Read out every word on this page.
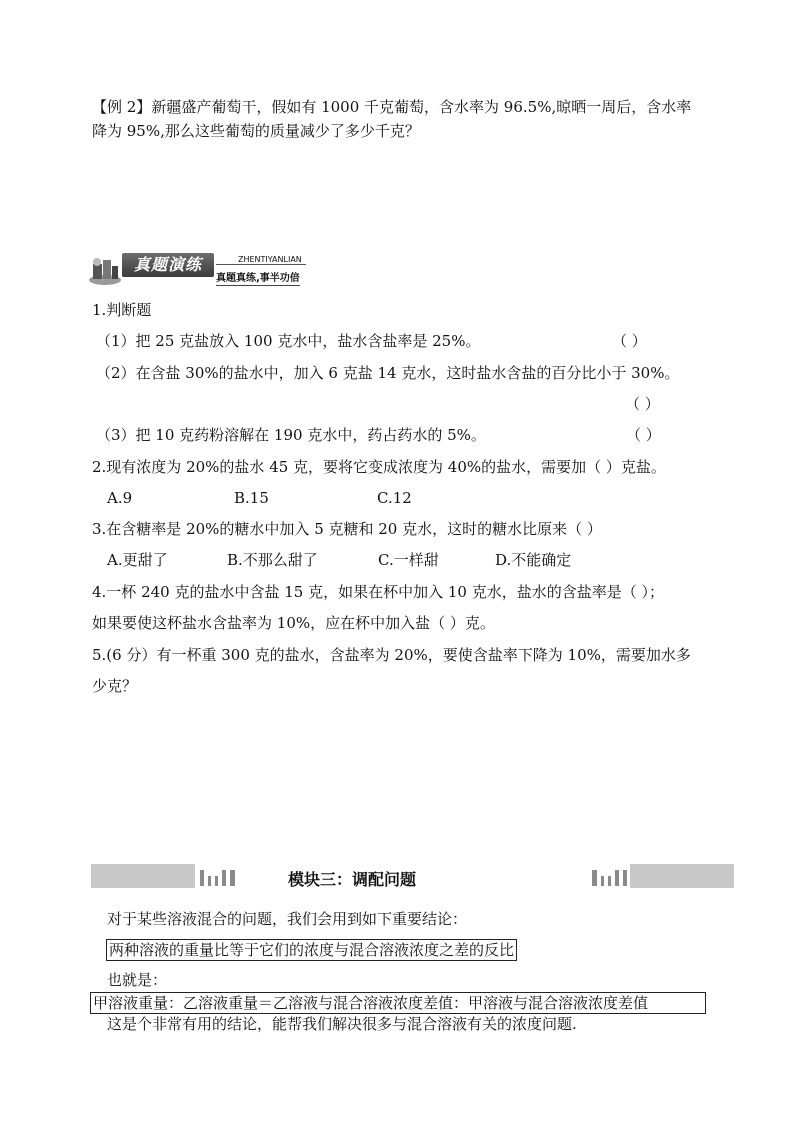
【例 2】新疆盛产葡萄干，假如有 1000 千克葡萄，含水率为 96.5%,晾晒一周后，含水率
降为 95%,那么这些葡萄的质量减少了多少千克？
真题演练	ZHENTIYANLIAN
真题真练,事半功倍
1.判断题
（1）把 25 克盐放入 100 克水中，盐水含盐率是 25%。	（ ）
（2）在含盐 30%的盐水中，加入 6 克盐 14 克水，这时盐水含盐的百分比小于 30%。
（ ）
（3）把 10 克药粉溶解在 190 克水中，药占药水的 5%。	（ ）
2.现有浓度为 20%的盐水 45 克，要将它变成浓度为 40%的盐水，需要加（ ）克盐。
A.9	B.15	C.12
3.在含糖率是 20%的糖水中加入 5 克糖和 20 克水，这时的糖水比原来（ ）
A.更甜了	B.不那么甜了	C.一样甜	D.不能确定
4.一杯 240 克的盐水中含盐 15 克，如果在杯中加入 10 克水，盐水的含盐率是（ ）；
如果要使这杯盐水含盐率为 10%，应在杯中加入盐（ ）克。
5.(6 分）有一杯重 300 克的盐水，含盐率为 20%，要使含盐率下降为 10%，需要加水多
少克？
模块三：调配问题
对于某些溶液混合的问题，我们会用到如下重要结论：
两种溶液的重量比等于它们的浓度与混合溶液浓度之差的反比
也就是：
甲溶液重量：乙溶液重量＝乙溶液与混合溶液浓度差值：甲溶液与混合溶液浓度差值
这是个非常有用的结论，能帮我们解决很多与混合溶液有关的浓度问题.
